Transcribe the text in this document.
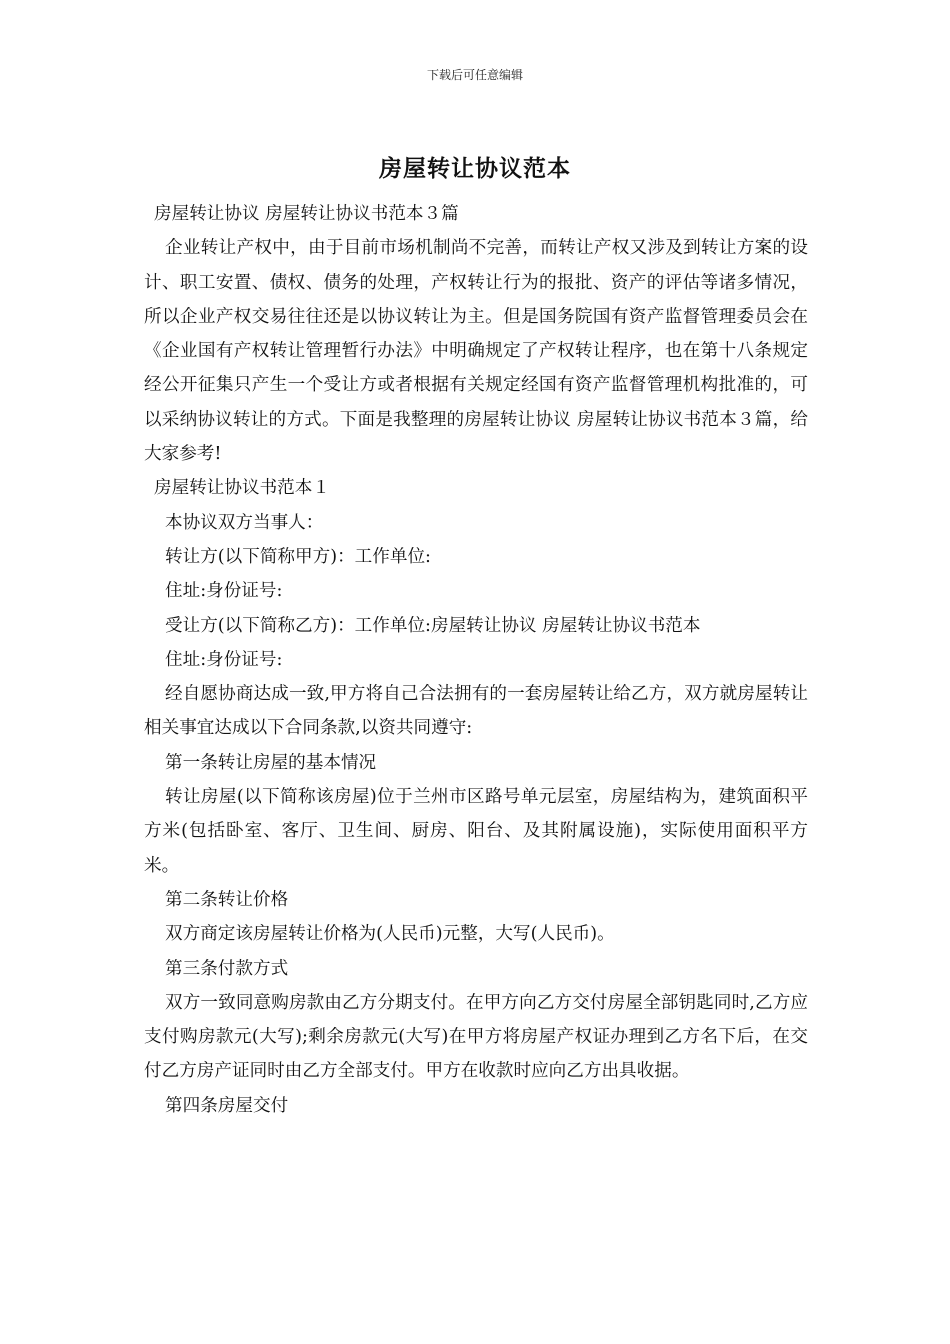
下载后可任意编辑
房屋转让协议范本

房屋转让协议 房屋转让协议书范本３篇

企业转让产权中，由于目前市场机制尚不完善，而转让产权又涉及到转让方案的设计、职工安置、债权、债务的处理，产权转让行为的报批、资产的评估等诸多情况，所以企业产权交易往往还是以协议转让为主。但是国务院国有资产监督管理委员会在《企业国有产权转让管理暂行办法》中明确规定了产权转让程序，也在第十八条规定 经公开征集只产生一个受让方或者根据有关规定经国有资产监督管理机构批准的，可以采纳协议转让的方式。下面是我整理的房屋转让协议 房屋转让协议书范本３篇，给大家参考!

房屋转让协议书范本１

本协议双方当事人：

转让方(以下简称甲方)：工作单位:

住址:身份证号:

受让方(以下简称乙方)：工作单位:房屋转让协议 房屋转让协议书范本

住址:身份证号:

经自愿协商达成一致,甲方将自己合法拥有的一套房屋转让给乙方，双方就房屋转让相关事宜达成以下合同条款,以资共同遵守:

第一条转让房屋的基本情况

转让房屋(以下简称该房屋)位于兰州市区路号单元层室，房屋结构为，建筑面积平方米(包括卧室、客厅、卫生间、厨房、阳台、及其附属设施)，实际使用面积平方米。

第二条转让价格

双方商定该房屋转让价格为(人民币)元整，大写(人民币)。

第三条付款方式

双方一致同意购房款由乙方分期支付。在甲方向乙方交付房屋全部钥匙同时,乙方应支付购房款元(大写);剩余房款元(大写)在甲方将房屋产权证办理到乙方名下后，在交付乙方房产证同时由乙方全部支付。甲方在收款时应向乙方出具收据。

第四条房屋交付
